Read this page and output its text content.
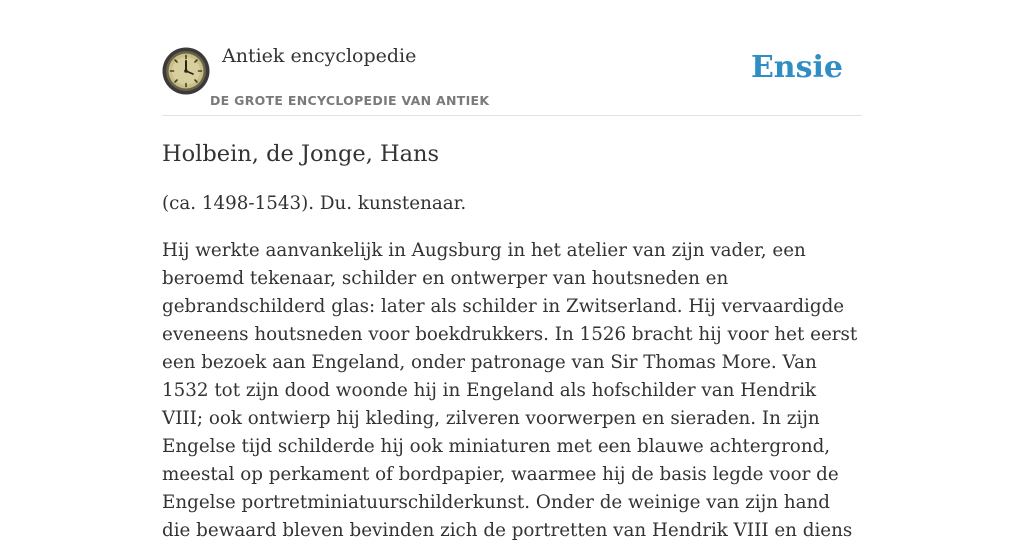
Antiek encyclopedie
DE GROTE ENCYCLOPEDIE VAN ANTIEK
Ensie
Holbein, de Jonge, Hans

(ca. 1498-1543). Du. kunstenaar.

Hij werkte aanvankelijk in Augsburg in het atelier van zijn vader, een beroemd tekenaar, schilder en ontwerper van houtsneden en gebrandschilderd glas: later als schilder in Zwitserland. Hij vervaardigde eveneens houtsneden voor boekdrukkers. In 1526 bracht hij voor het eerst een bezoek aan Engeland, onder patronage van Sir Thomas More. Van 1532 tot zijn dood woonde hij in Engeland als hofschilder van Hendrik VIII; ook ontwierp hij kleding, zilveren voorwerpen en sieraden. In zijn Engelse tijd schilderde hij ook miniaturen met een blauwe achtergrond, meestal op perkament of bordpapier, waarmee hij de basis legde voor de Engelse portretminiatuurschilderkunst. Onder de weinige van zijn hand die bewaard bleven bevinden zich de portretten van Hendrik VIII en diens
